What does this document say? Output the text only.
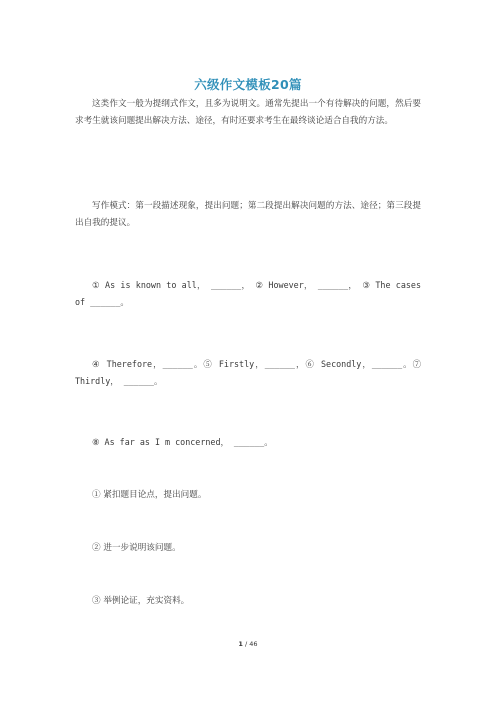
六级作文模板20篇
这类作文一般为提纲式作文，且多为说明文。通常先提出一个有待解决的问题，然后要求考生就该问题提出解决方法、途径，有时还要求考生在最终谈论适合自我的方法。
写作模式：第一段描述现象，提出问题；第二段提出解决问题的方法、途径；第三段提出自我的提议。
① As is known to all， ______， ② However， ______， ③ The cases of ______。
④ Therefore，______。⑤ Firstly，______，⑥ Secondly，______。⑦ Thirdly， ______。
⑧ As far as I m concerned， ______。
① 紧扣题目论点，提出问题。
② 进一步说明该问题。
③ 举例论证，充实资料。
1 / 46
